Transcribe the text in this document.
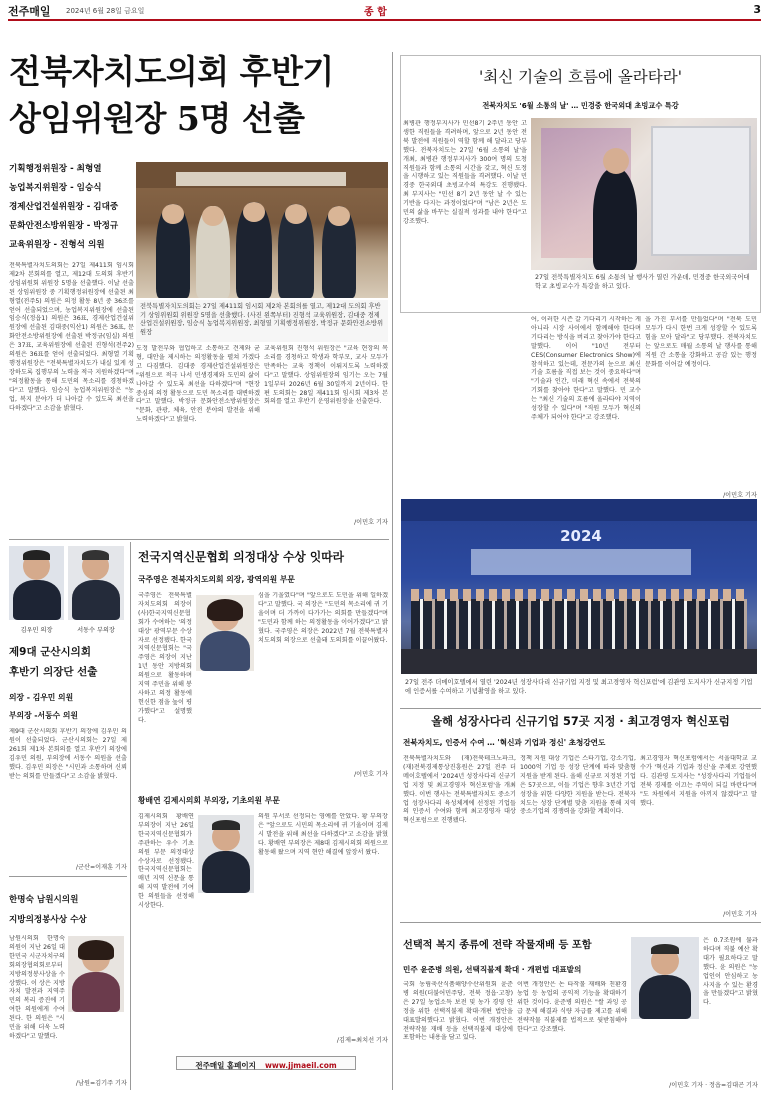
전주매일 2024년 6월 28일 금요일	종 합	3
전북자치도의회 후반기
상임위원장 5명 선출
기획행정위원장 - 최형열
농업복지위원장 - 임승식
경제산업건설위원장 - 김대중
문화안전소방위원장 - 박정규
교육위원장 - 진형석 의원
전북특별자치도의회는 27일 제411회 임시회 제2차 본회의를 열고, 제12대 도의회 후반기 상임위원회 위원장 5명을 선출했다. 이날 선출된 상임위원장 중 기획행정위원장에 선출된 최형열(전주5) 의원은 의정 활동 8년 중 36조를 얻어 선출되었으며, 농업복지위원장에 선출된 임승식(정읍1) 의원은 36표, 경제산업건설위원장에 선출된 김대중(익산1) 의원은 36표, 문화안전소방위원장에 선출된 박정규(임실) 의원은 37표, 교육위원장에 선출된 진형석(전주2) 의원은 36표를 얻어 선출되었다. 최형열 기획행정위원장은 "전북특별자치도가 내실 있게 성장하도록 집행부의 노력을 적극 지원하겠다"며 "의정활동을 통해 도민의 목소리를 경청하겠다"고 말했다. 임승식 농업복지위원장은 "농업, 복지 분야가 더 나아갈 수 있도록 최선을 다하겠다"고 소감을 밝혔다.
전북특별자치도의회는 27일 제411회 임시회 제2차 본회의를 열고, 제12대 도의회 후반기 상임위원회 위원장 5명을 선출했다. (사진 왼쪽부터) 진형석 교육위원장, 김대중 경제산업건설위원장, 임승식 농업복지위원장, 최형열 기획행정위원장, 박정규 문화안전소방위원장
도정 발전부와 협업하고 소통하고 견제와 균형, 대안을 제시하는 의정활동을 펼쳐 가겠다고 다짐했다. 김대중 경제산업건설위원장은 "위원으로 적극 나서 민생경제와 도민의 삶이 나아갈 수 있도록 최선을 다하겠다"며 "현장 중심의 의정 활동으로 도민 목소리를 대변하겠다"고 말했다. 박정규 문화안전소방위원장은 "문화, 관광, 체육, 안전 분야의 발전을 위해 노력하겠다"고 밝혔다.
교육위원회 진형석 위원장은 "교육 현장의 목소리를 경청하고 학생과 학부모, 교사 모두가 만족하는 교육 정책이 이뤄지도록 노력하겠다"고 말했다. 상임위원장의 임기는 오는 7월 1일부터 2026년 6월 30일까지 2년이다. 한편 도의회는 28일 제411회 임시회 제3차 본회의를 열고 후반기 운영위원장을 선출한다.
/이민호 기자
'최신 기술의 흐름에 올라타라'
전북자치도 '6월 소통의 날' … 민경중 한국외대 초빙교수 특강
최병관 행정부지사가 민선8기 2주년 동안 고생한 직원들을 격려하며, 앞으로 2년 동안 전북 발전에 직원들이 역할 함께 해 달라고 당부했다. 전북자치도는 27일 '6월 소통의 날'을 개최, 최병관 행정부지사가 300여 명의 도청 직원들과 함께 소통의 시간을 갖고, 혁신 도정을 시행하고 있는 직원들을 격려했다. 이날 민경중 한국외대 초빙교수의 특강도 진행됐다. 최 부지사는 "민선 8기 2년 동안 날 수 있는 기반을 다지는 과정이었다"며 "남은 2년은 도민의 삶을 바꾸는 실질적 성과를 내야 한다"고 강조했다.
27일 전북특별자치도 6월 소통의 날 행사가 열린 가운데, 민경중 한국외국어대학교 초빙교수가 특강을 하고 있다.
어, 이러한 시즌 갈 기다리기 시작하는 게 아니라 시장 사이에서 함께해야 한다며 기다리는 방식을 버리고 찾아가야 한다고 말했다. 이어 "10년 전부터 CES(Consumer Electronics Show)에 참석하고 있는데, 전문가의 눈으로 최신 기술 흐름을 직접 보는 것이 중요하다"며 "기술과 인간, 미래 혁신 속에서 전북의 기회를 찾아야 한다"고 말했다. 민 교수는 "최신 기술의 흐름에 올라타야 지역이 성장할 수 있다"며 "직원 모두가 혁신의 주체가 되어야 한다"고 강조했다.
을 가진 부서를 만들었다"며 "전북 도민 모두가 다시 한번 크게 성장할 수 있도록 힘을 모아 달라"고 당부했다. 전북자치도는 앞으로도 매월 소통의 날 행사를 통해 직원 간 소통을 강화하고 공감 있는 행정 문화를 이어갈 예정이다.
/이민호 기자
2024
27일 전주 더메이호텔에서 열린 '2024년 성장사다리 신규기업 지정 및 최고경영자 혁신포럼'에 김관영 도지사가 신규지정 기업에 인증서를 수여하고 기념촬영을 하고 있다.
김우민 의장	서동수 부의장
제9대 군산시의회
후반기 의장단 선출
의장 - 김우민 의원
부의장 -서동수 의원
제9대 군산시의회 후반기 의장에 김우민 의원이 선출되었다. 군산시의회는 27일 제261회 제1차 본회의를 열고 후반기 의장에 김우민 의원, 부의장에 서동수 의원을 선출했다. 김우민 의장은 "시민과 소통하며 신뢰받는 의회를 만들겠다"고 소감을 밝혔다.
/군산=이재훈 기자
한명숙 남원시의원
지방의정봉사상 수상
남원시의회 한명숙 의원이 지난 26일 대한민국 시군자치구의회의장협의회로부터 지방의정봉사상을 수상했다. 이 상은 지방자치 발전과 지역주민의 복리 증진에 기여한 의원에게 수여된다. 한 의원은 "시민을 위해 더욱 노력하겠다"고 말했다.
/남원=김기주 기자
전국지역신문협회 의정대상 수상 잇따라
국주영은 전북자치도의회 의장, 광역의원 부문
국주영은 전북특별자치도의회 의장이 (사)한국지역신문협회가 수여하는 '의정대상' 광역부문 수상자로 선정됐다. 한국지역신문협회는 "국주영은 의장이 지난 1년 동안 지방의회 의원으로 활동하며 지역 주민을 위해 봉사하고 의정 활동에 헌신한 점을 높이 평가했다"고 설명했다.
심을 기울였다"며 "앞으로도 도민을 위해 일하겠다"고 말했다. 국 의장은 "도민의 목소리에 귀 기울이며 더 가까이 다가가는 의회를 만들겠다"며 "도민과 함께 하는 의정활동을 이어가겠다"고 밝혔다. 국주영은 의장은 2022년 7월 전북특별자치도의회 의장으로 선출돼 도의회를 이끌어왔다.
/이민호 기자
황배연 김제시의회 부의장, 기초의원 부문
김제시의회 황배연 부의장이 지난 26일 한국지역신문협회가 주관하는 우수 기초의원 부문 의정대상 수상자로 선정됐다. 한국지역신문협회는 매년 지역 신문을 통해 지역 발전에 기여한 의원들을 선정해 시상한다.
의원 부서로 선정되는 영예를 안았다. 황 부의장은 "앞으로도 시민의 목소리에 귀 기울이며 김제시 발전을 위해 최선을 다하겠다"고 소감을 밝혔다. 황배연 부의장은 제8대 김제시의회 의원으로 활동해 왔으며 지역 현안 해결에 앞장서 왔다.
/김제=최치선 기자
올해 성장사다리 신규기업 57곳 지정 · 최고경영자 혁신포럼
전북자치도, 인증서 수여 … '혁신과 기업과 정신' 초청강연도
전북특별자치도와 (재)전북테크노파크, (재)전북경제통상진흥원은 27일 전주 더메이호텔에서 '2024년 성장사다리 신규기업 지정 및 최고경영자 혁신포럼'을 개최했다. 이번 행사는 전북특별자치도 중소기업 성장사다리 육성체계에 선정된 기업들의 인증서 수여와 함께 최고경영자 대상 혁신포럼으로 진행됐다.
정책 지원 대상 기업은 스타기업, 강소기업, 1000억 기업 등 성장 단계에 따라 맞춤형 지원을 받게 된다. 올해 신규로 지정된 기업은 57곳으로, 이들 기업은 향후 3년간 기업 성장을 위한 다양한 지원을 받는다. 전북자치도는 성장 단계별 맞춤 지원을 통해 지역 중소기업의 경쟁력을 강화할 계획이다.
최고경영자 혁신포럼에서는 서울대학교 교수가 '혁신과 기업과 정신'을 주제로 강연했다. 김관영 도지사는 "성장사다리 기업들이 전북 경제를 이끄는 주역이 되길 바란다"며 "도 차원에서 지원을 아끼지 않겠다"고 말했다.
/이민호 기자
선택적 복지 종류에 전략 작물재배 등 포함
민주 윤준병 의원, 선택직불제 확대 · 개편법 대표발의
국회 농림축산식품해양수산위원회 윤준병 의원(더불어민주당, 전북 정읍·고창)은 27일 농업소득 보전 및 농가 경영 안정을 위한 선택직불제 확대·개편 법안을 대표발의했다고 밝혔다. 이번 개정안은 전략작물 재배 등을 선택직불제 대상에 포함하는 내용을 담고 있다.
이번 개정안은 논 타작물 재배와 친환경 농업 등 농업의 공익적 기능을 확대하기 위한 것이다. 윤준병 의원은 "쌀 과잉 공급 문제 해결과 식량 자급률 제고를 위해 전략작물 직불제를 법적으로 뒷받침해야 한다"고 강조했다.
은 0.7조원에 불과하다며 직불 예산 확대가 필요하다고 말했다. 윤 의원은 "농업인이 안심하고 농사지을 수 있는 환경을 만들겠다"고 밝혔다.
/이민호 기자 · 정읍=김대곤 기자
전주매일 홈페이지 www.jjmaeil.com
